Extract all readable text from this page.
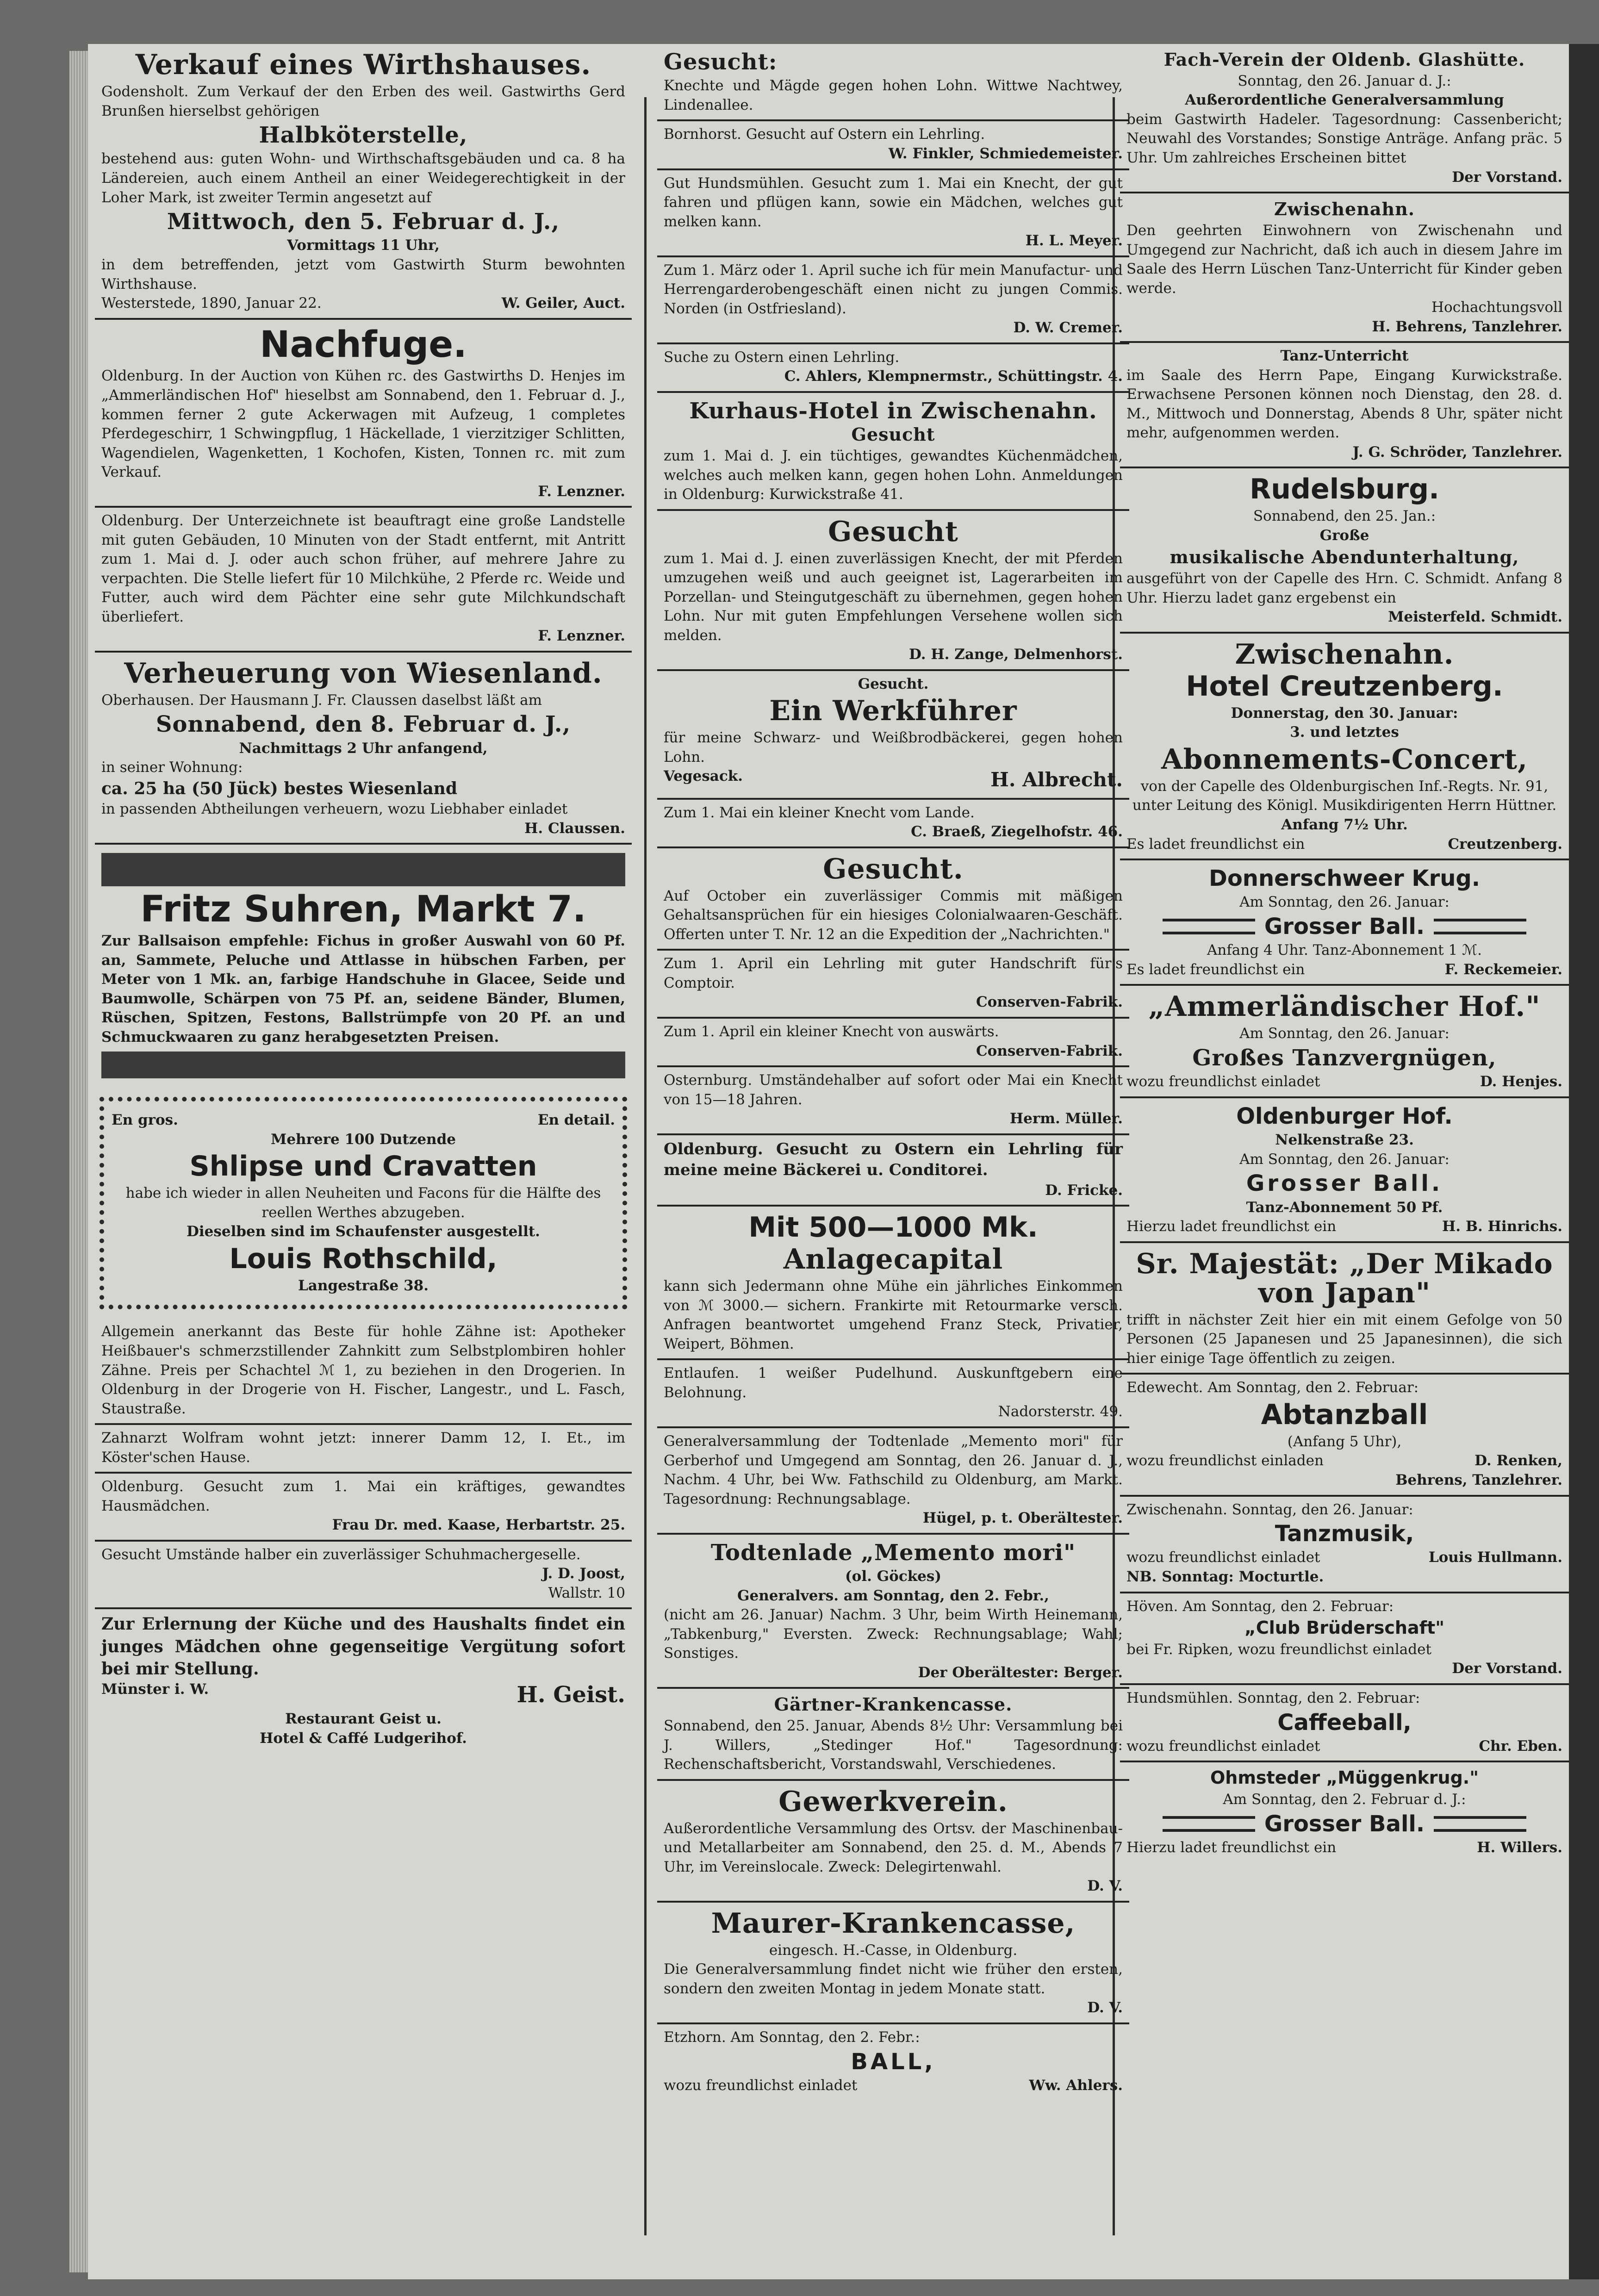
Verkauf eines Wirthshauses.

Godensholt. Zum Verkauf der den Erben des weil. Gastwirths Gerd Brunßen hierselbst gehörigen

Halbköterstelle,

bestehend aus: guten Wohn- und Wirthschaftsgebäuden und ca. 8 ha Ländereien, auch einem Antheil an einer Weidegerechtigkeit in der Loher Mark, ist zweiter Termin angesetzt auf

Mittwoch, den 5. Februar d. J.,
Vormittags 11 Uhr,

in dem betreffenden, jetzt vom Gastwirth Sturm bewohnten Wirthshause.

Westerstede, 1890, Januar 22.	W. Geiler, Auct.
Nachfuge.

Oldenburg. In der Auction von Kühen rc. des Gastwirths D. Henjes im „Ammerländischen Hof" hieselbst am Sonnabend, den 1. Februar d. J., kommen ferner 2 gute Ackerwagen mit Aufzeug, 1 completes Pferdegeschirr, 1 Schwingpflug, 1 Häckellade, 1 vierzitziger Schlitten, Wagendielen, Wagenketten, 1 Kochofen, Kisten, Tonnen rc. mit zum Verkauf.

F. Lenzner.

Oldenburg. Der Unterzeichnete ist beauftragt eine große Landstelle mit guten Gebäuden, 10 Minuten von der Stadt entfernt, mit Antritt zum 1. Mai d. J. oder auch schon früher, auf mehrere Jahre zu verpachten. Die Stelle liefert für 10 Milchkühe, 2 Pferde rc. Weide und Futter, auch wird dem Pächter eine sehr gute Milchkundschaft überliefert.

F. Lenzner.
Verheuerung von Wiesenland.

Oberhausen. Der Hausmann J. Fr. Claussen daselbst läßt am

Sonnabend, den 8. Februar d. J.,
Nachmittags 2 Uhr anfangend,

in seiner Wohnung:

ca. 25 ha (50 Jück) bestes Wiesenland

in passenden Abtheilungen verheuern, wozu Liebhaber einladet

H. Claussen.
Fritz Suhren, Markt 7.

Zur Ballsaison empfehle: Fichus in großer Auswahl von 60 Pf. an, Sammete, Peluche und Attlasse in hübschen Farben, per Meter von 1 Mk. an, farbige Handschuhe in Glacee, Seide und Baumwolle, Schärpen von 75 Pf. an, seidene Bänder, Blumen, Rüschen, Spitzen, Festons, Ballstrümpfe von 20 Pf. an und Schmuckwaaren zu ganz herabgesetzten Preisen.

En gros.	En detail.
Mehrere 100 Dutzende
Shlipse und Cravatten

habe ich wieder in allen Neuheiten und Facons für die Hälfte des reellen Werthes abzugeben.

Dieselben sind im Schaufenster ausgestellt.
Louis Rothschild,
Langestraße 38.

Allgemein anerkannt das Beste für hohle Zähne ist: Apotheker Heißbauer's schmerzstillender Zahnkitt zum Selbstplombiren hohler Zähne. Preis per Schachtel ℳ 1, zu beziehen in den Drogerien. In Oldenburg in der Drogerie von H. Fischer, Langestr., und L. Fasch, Staustraße.

Zahnarzt Wolfram wohnt jetzt: innerer Damm 12, I. Et., im Köster'schen Hause.

Oldenburg. Gesucht zum 1. Mai ein kräftiges, gewandtes Hausmädchen.

Frau Dr. med. Kaase, Herbartstr. 25.

Gesucht Umstände halber ein zuverlässiger Schuhmachergeselle.

J. D. Joost,
Wallstr. 10

Zur Erlernung der Küche und des Haushalts findet ein junges Mädchen ohne gegenseitige Vergütung sofort bei mir Stellung.

Münster i. W.	H. Geist.
Restaurant Geist u.
Hotel & Caffé Ludgerihof.
Gesucht:

Knechte und Mägde gegen hohen Lohn. Wittwe Nachtwey, Lindenallee.

Bornhorst. Gesucht auf Ostern ein Lehrling.

W. Finkler, Schmiedemeister.

Gut Hundsmühlen. Gesucht zum 1. Mai ein Knecht, der gut fahren und pflügen kann, sowie ein Mädchen, welches gut melken kann.

H. L. Meyer.

Zum 1. März oder 1. April suche ich für mein Manufactur- und Herrengarderobengeschäft einen nicht zu jungen Commis. Norden (in Ostfriesland).

D. W. Cremer.

Suche zu Ostern einen Lehrling.

C. Ahlers, Klempnermstr., Schüttingstr. 4.
Kurhaus-Hotel in Zwischenahn.
Gesucht

zum 1. Mai d. J. ein tüchtiges, gewandtes Küchenmädchen, welches auch melken kann, gegen hohen Lohn. Anmeldungen in Oldenburg: Kurwickstraße 41.

Gesucht

zum 1. Mai d. J. einen zuverlässigen Knecht, der mit Pferden umzugehen weiß und auch geeignet ist, Lagerarbeiten im Porzellan- und Steingutgeschäft zu übernehmen, gegen hohen Lohn. Nur mit guten Empfehlungen Versehene wollen sich melden.

D. H. Zange, Delmenhorst.
Gesucht.
Ein Werkführer

für meine Schwarz- und Weißbrodbäckerei, gegen hohen Lohn.

Vegesack.	H. Albrecht.

Zum 1. Mai ein kleiner Knecht vom Lande.

C. Braeß, Ziegelhofstr. 46.
Gesucht.

Auf October ein zuverlässiger Commis mit mäßigen Gehaltsansprüchen für ein hiesiges Colonialwaaren-Geschäft. Offerten unter T. Nr. 12 an die Expedition der „Nachrichten."

Zum 1. April ein Lehrling mit guter Handschrift für's Comptoir.

Conserven-Fabrik.

Zum 1. April ein kleiner Knecht von auswärts.

Conserven-Fabrik.

Osternburg. Umständehalber auf sofort oder Mai ein Knecht von 15—18 Jahren.

Herm. Müller.

Oldenburg. Gesucht zu Ostern ein Lehrling für meine meine Bäckerei u. Conditorei.

D. Fricke.
Mit 500—1000 Mk.
Anlagecapital

kann sich Jedermann ohne Mühe ein jährliches Einkommen von ℳ 3000.— sichern. Frankirte mit Retourmarke versch. Anfragen beantwortet umgehend Franz Steck, Privatier, Weipert, Böhmen.

Entlaufen. 1 weißer Pudelhund. Auskunftgebern eine Belohnung.

Nadorsterstr. 49.

Generalversammlung der Todtenlade „Memento mori" für Gerberhof und Umgegend am Sonntag, den 26. Januar d. J., Nachm. 4 Uhr, bei Ww. Fathschild zu Oldenburg, am Markt. Tagesordnung: Rechnungsablage.

Hügel, p. t. Oberältester.
Todtenlade „Memento mori"
(ol. Göckes)
Generalvers. am Sonntag, den 2. Febr.,

(nicht am 26. Januar) Nachm. 3 Uhr, beim Wirth Heinemann, „Tabkenburg," Eversten. Zweck: Rechnungsablage; Wahl; Sonstiges.

Der Oberältester: Berger.
Gärtner-Krankencasse.

Sonnabend, den 25. Januar, Abends 8½ Uhr: Versammlung bei J. Willers, „Stedinger Hof." Tagesordnung: Rechenschaftsbericht, Vorstandswahl, Verschiedenes.

Gewerkverein.

Außerordentliche Versammlung des Ortsv. der Maschinenbau- und Metallarbeiter am Sonnabend, den 25. d. M., Abends 7 Uhr, im Vereinslocale. Zweck: Delegirtenwahl.

D. V.
Maurer-Krankencasse,
eingesch. H.-Casse, in Oldenburg.

Die Generalversammlung findet nicht wie früher den ersten, sondern den zweiten Montag in jedem Monate statt.

D. V.

Etzhorn. Am Sonntag, den 2. Febr.:

BALL,
wozu freundlichst einladet	Ww. Ahlers.
Fach-Verein der Oldenb. Glashütte.
Sonntag, den 26. Januar d. J.:
Außerordentliche Generalversammlung

beim Gastwirth Hadeler. Tagesordnung: Cassenbericht; Neuwahl des Vorstandes; Sonstige Anträge. Anfang präc. 5 Uhr. Um zahlreiches Erscheinen bittet

Der Vorstand.
Zwischenahn.

Den geehrten Einwohnern von Zwischenahn und Umgegend zur Nachricht, daß ich auch in diesem Jahre im Saale des Herrn Lüschen Tanz-Unterricht für Kinder geben werde.

Hochachtungsvoll
H. Behrens, Tanzlehrer.
Tanz-Unterricht

im Saale des Herrn Pape, Eingang Kurwickstraße. Erwachsene Personen können noch Dienstag, den 28. d. M., Mittwoch und Donnerstag, Abends 8 Uhr, später nicht mehr, aufgenommen werden.

J. G. Schröder, Tanzlehrer.
Rudelsburg.
Sonnabend, den 25. Jan.:
Große
musikalische Abendunterhaltung,

ausgeführt von der Capelle des Hrn. C. Schmidt. Anfang 8 Uhr. Hierzu ladet ganz ergebenst ein

Meisterfeld. Schmidt.
Zwischenahn.
Hotel Creutzenberg.
Donnerstag, den 30. Januar:
3. und letztes
Abonnements-Concert,

von der Capelle des Oldenburgischen Inf.-Regts. Nr. 91, unter Leitung des Königl. Musikdirigenten Herrn Hüttner.

Anfang 7½ Uhr.
Es ladet freundlichst ein	Creutzenberg.
Donnerschweer Krug.
Am Sonntag, den 26. Januar:
Grosser Ball.
Anfang 4 Uhr. Tanz-Abonnement 1 ℳ.
Es ladet freundlichst ein	F. Reckemeier.
„Ammerländischer Hof."
Am Sonntag, den 26. Januar:
Großes Tanzvergnügen,
wozu freundlichst einladet	D. Henjes.
Oldenburger Hof.
Nelkenstraße 23.
Am Sonntag, den 26. Januar:
Grosser Ball.
Tanz-Abonnement 50 Pf.
Hierzu ladet freundlichst ein	H. B. Hinrichs.
Sr. Majestät: „Der Mikado von Japan"

trifft in nächster Zeit hier ein mit einem Gefolge von 50 Personen (25 Japanesen und 25 Japanesinnen), die sich hier einige Tage öffentlich zu zeigen.

Edewecht. Am Sonntag, den 2. Februar:

Abtanzball
(Anfang 5 Uhr),
wozu freundlichst einladen	D. Renken,
Behrens, Tanzlehrer.

Zwischenahn. Sonntag, den 26. Januar:

Tanzmusik,
wozu freundlichst einladet	Louis Hullmann.
NB. Sonntag: Mocturtle.

Höven. Am Sonntag, den 2. Februar:

„Club Brüderschaft"

bei Fr. Ripken, wozu freundlichst einladet

Der Vorstand.

Hundsmühlen. Sonntag, den 2. Februar:

Caffeeball,
wozu freundlichst einladet	Chr. Eben.
Ohmsteder „Müggenkrug."
Am Sonntag, den 2. Februar d. J.:
Grosser Ball.
Hierzu ladet freundlichst ein	H. Willers.
